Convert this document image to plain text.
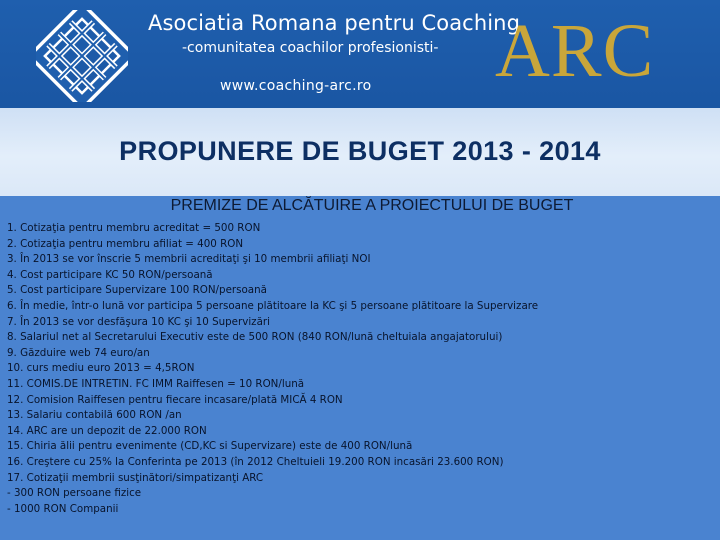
Asociatia Romana pentru Coaching
-comunitatea coachilor profesionisti-
www.coaching-arc.ro ARC
PROPUNERE DE BUGET 2013 - 2014
PREMIZE DE ALCĂTUIRE A PROIECTULUI DE BUGET
1. Cotizaţia pentru membru acreditat = 500 RON
2. Cotizaţia pentru membru afiliat = 400 RON
3. În 2013 se vor înscrie 5 membrii acreditaţi şi 10 membrii afiliaţi NOI
4. Cost participare KC 50 RON/persoană
5. Cost participare Supervizare 100 RON/persoană
6. În medie, într-o lună vor participa 5 persoane plătitoare la KC şi 5 persoane plătitoare la Supervizare
7. În 2013 se vor desfăşura 10 KC şi 10 Supervizări
8. Salariul net al Secretarului Executiv este de 500 RON (840 RON/lună cheltuiala angajatorului)
9. Găzduire web 74 euro/an
10. curs mediu euro 2013 = 4,5RON
11. COMIS.DE INTRETIN. FC IMM Raiffesen = 10 RON/lună
12. Comision Raiffesen pentru fiecare incasare/plată MICĂ 4 RON
13. Salariu contabilă 600 RON /an
14. ARC are un depozit de 22.000 RON
15. Chiria ălii pentru evenimente (CD,KC si Supervizare) este de 400 RON/lună
16. Creştere cu 25% la Conferinta pe 2013 (în 2012 Cheltuieli 19.200 RON incasări 23.600 RON)
17. Cotizaţii membrii susţinători/simpatizanţi ARC
- 300 RON persoane fizice
- 1000 RON Companii
